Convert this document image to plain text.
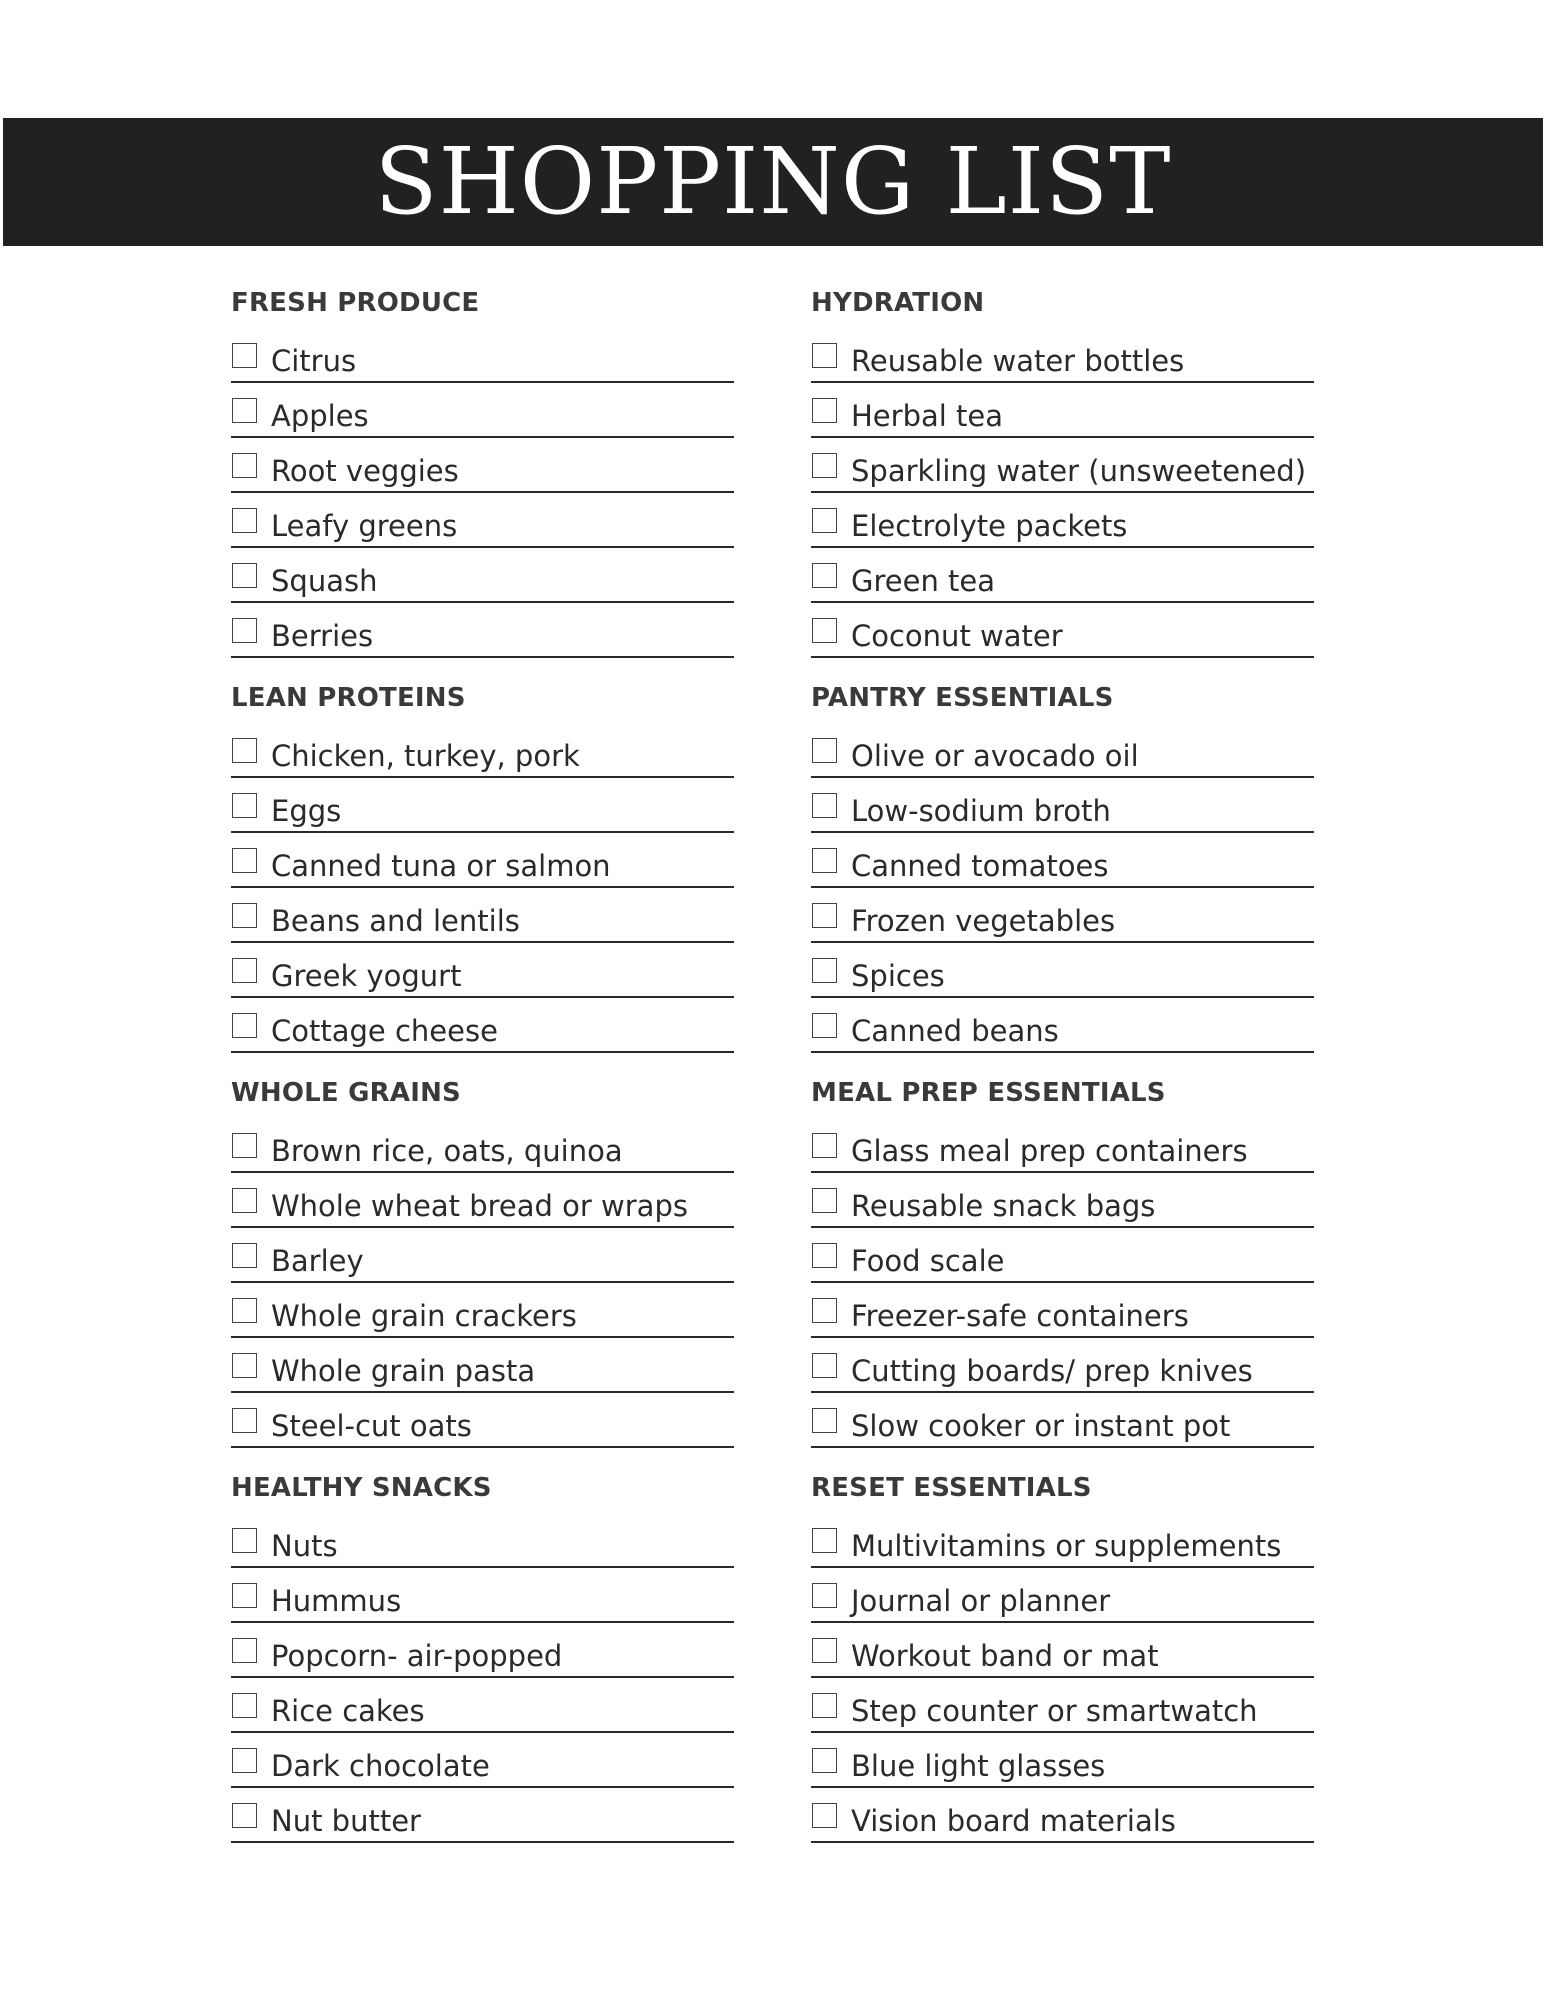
SHOPPING LIST
FRESH PRODUCE
Citrus
Apples
Root veggies
Leafy greens
Squash
Berries
LEAN PROTEINS
Chicken, turkey, pork
Eggs
Canned tuna or salmon
Beans and lentils
Greek yogurt
Cottage cheese
WHOLE GRAINS
Brown rice, oats, quinoa
Whole wheat bread or wraps
Barley
Whole grain crackers
Whole grain pasta
Steel-cut oats
HEALTHY SNACKS
Nuts
Hummus
Popcorn- air-popped
Rice cakes
Dark chocolate
Nut butter
HYDRATION
Reusable water bottles
Herbal tea
Sparkling water (unsweetened)
Electrolyte packets
Green tea
Coconut water
PANTRY ESSENTIALS
Olive or avocado oil
Low-sodium broth
Canned tomatoes
Frozen vegetables
Spices
Canned beans
MEAL PREP ESSENTIALS
Glass meal prep containers
Reusable snack bags
Food scale
Freezer-safe containers
Cutting boards/ prep knives
Slow cooker or instant pot
RESET ESSENTIALS
Multivitamins or supplements
Journal or planner
Workout band or mat
Step counter or smartwatch
Blue light glasses
Vision board materials
